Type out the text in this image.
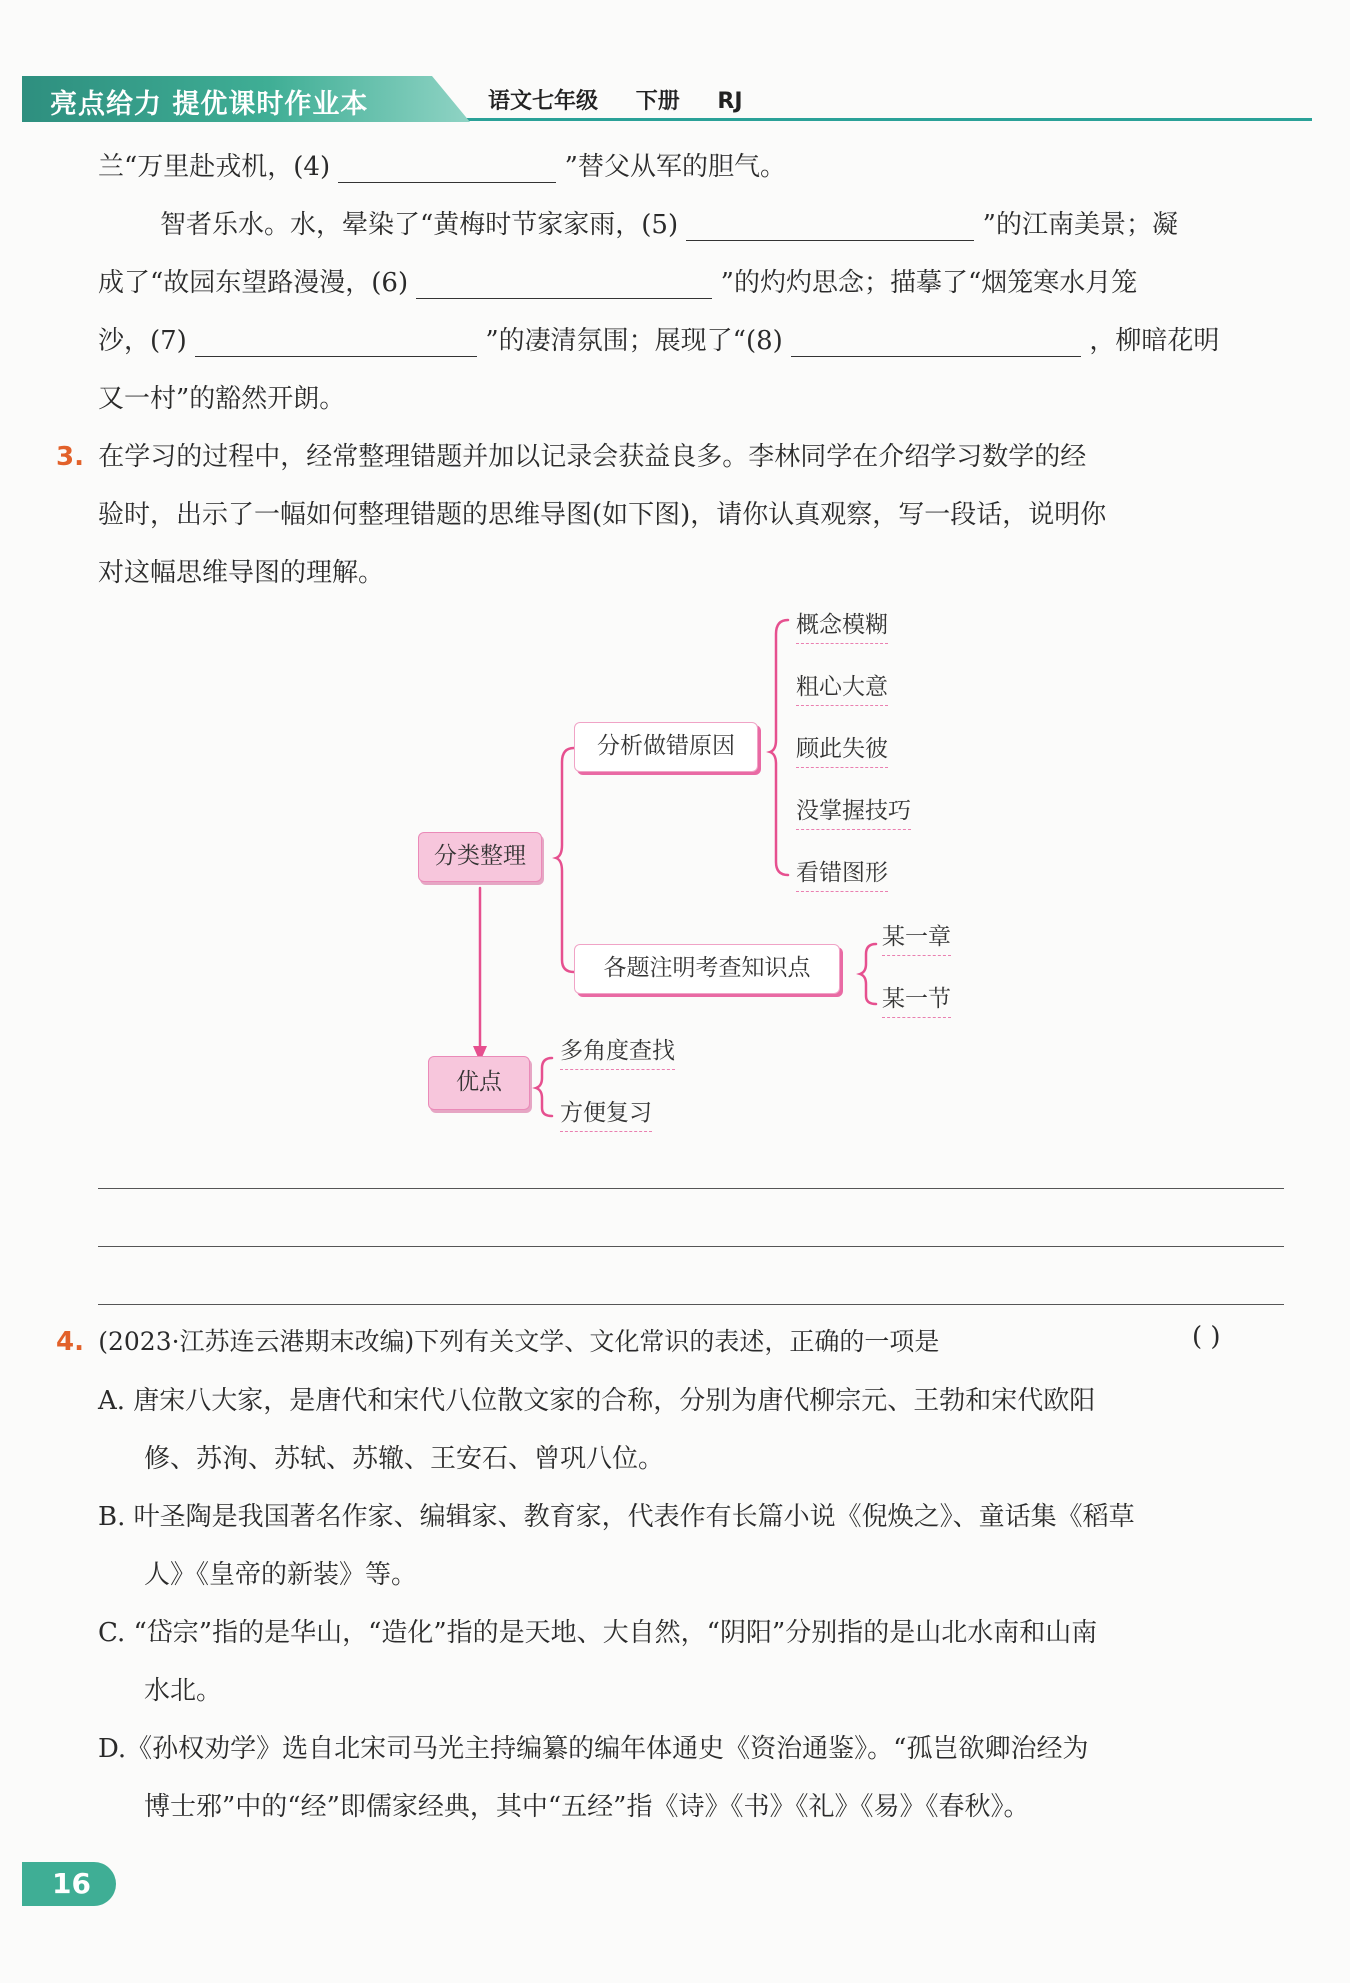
亮点给力 提优课时作业本	语文七年级 下册 RJ
兰“万里赴戎机，(4)	”替父从军的胆气。
智者乐水。水，晕染了“黄梅时节家家雨，(5)	”的江南美景；凝
成了“故园东望路漫漫，(6)	”的灼灼思念；描摹了“烟笼寒水月笼
沙，(7)	”的凄清氛围；展现了“(8)	，柳暗花明
又一村”的豁然开朗。
3. 在学习的过程中，经常整理错题并加以记录会获益良多。李林同学在介绍学习数学的经
验时，出示了一幅如何整理错题的思维导图(如下图)，请你认真观察，写一段话，说明你
对这幅思维导图的理解。
分类整理
分析做错原因
各题注明考查知识点
优点
概念模糊
粗心大意
顾此失彼
没掌握技巧
看错图形
某一章
某一节
多角度查找
方便复习
4. (2023·江苏连云港期末改编)下列有关文学、文化常识的表述，正确的一项是	( )
A. 唐宋八大家，是唐代和宋代八位散文家的合称，分别为唐代柳宗元、王勃和宋代欧阳
修、苏洵、苏轼、苏辙、王安石、曾巩八位。
B. 叶圣陶是我国著名作家、编辑家、教育家，代表作有长篇小说《倪焕之》、童话集《稻草
人》《皇帝的新装》等。
C. “岱宗”指的是华山，“造化”指的是天地、大自然，“阴阳”分别指的是山北水南和山南
水北。
D.《孙权劝学》选自北宋司马光主持编纂的编年体通史《资治通鉴》。“孤岂欲卿治经为
博士邪”中的“经”即儒家经典，其中“五经”指《诗》《书》《礼》《易》《春秋》。
16
